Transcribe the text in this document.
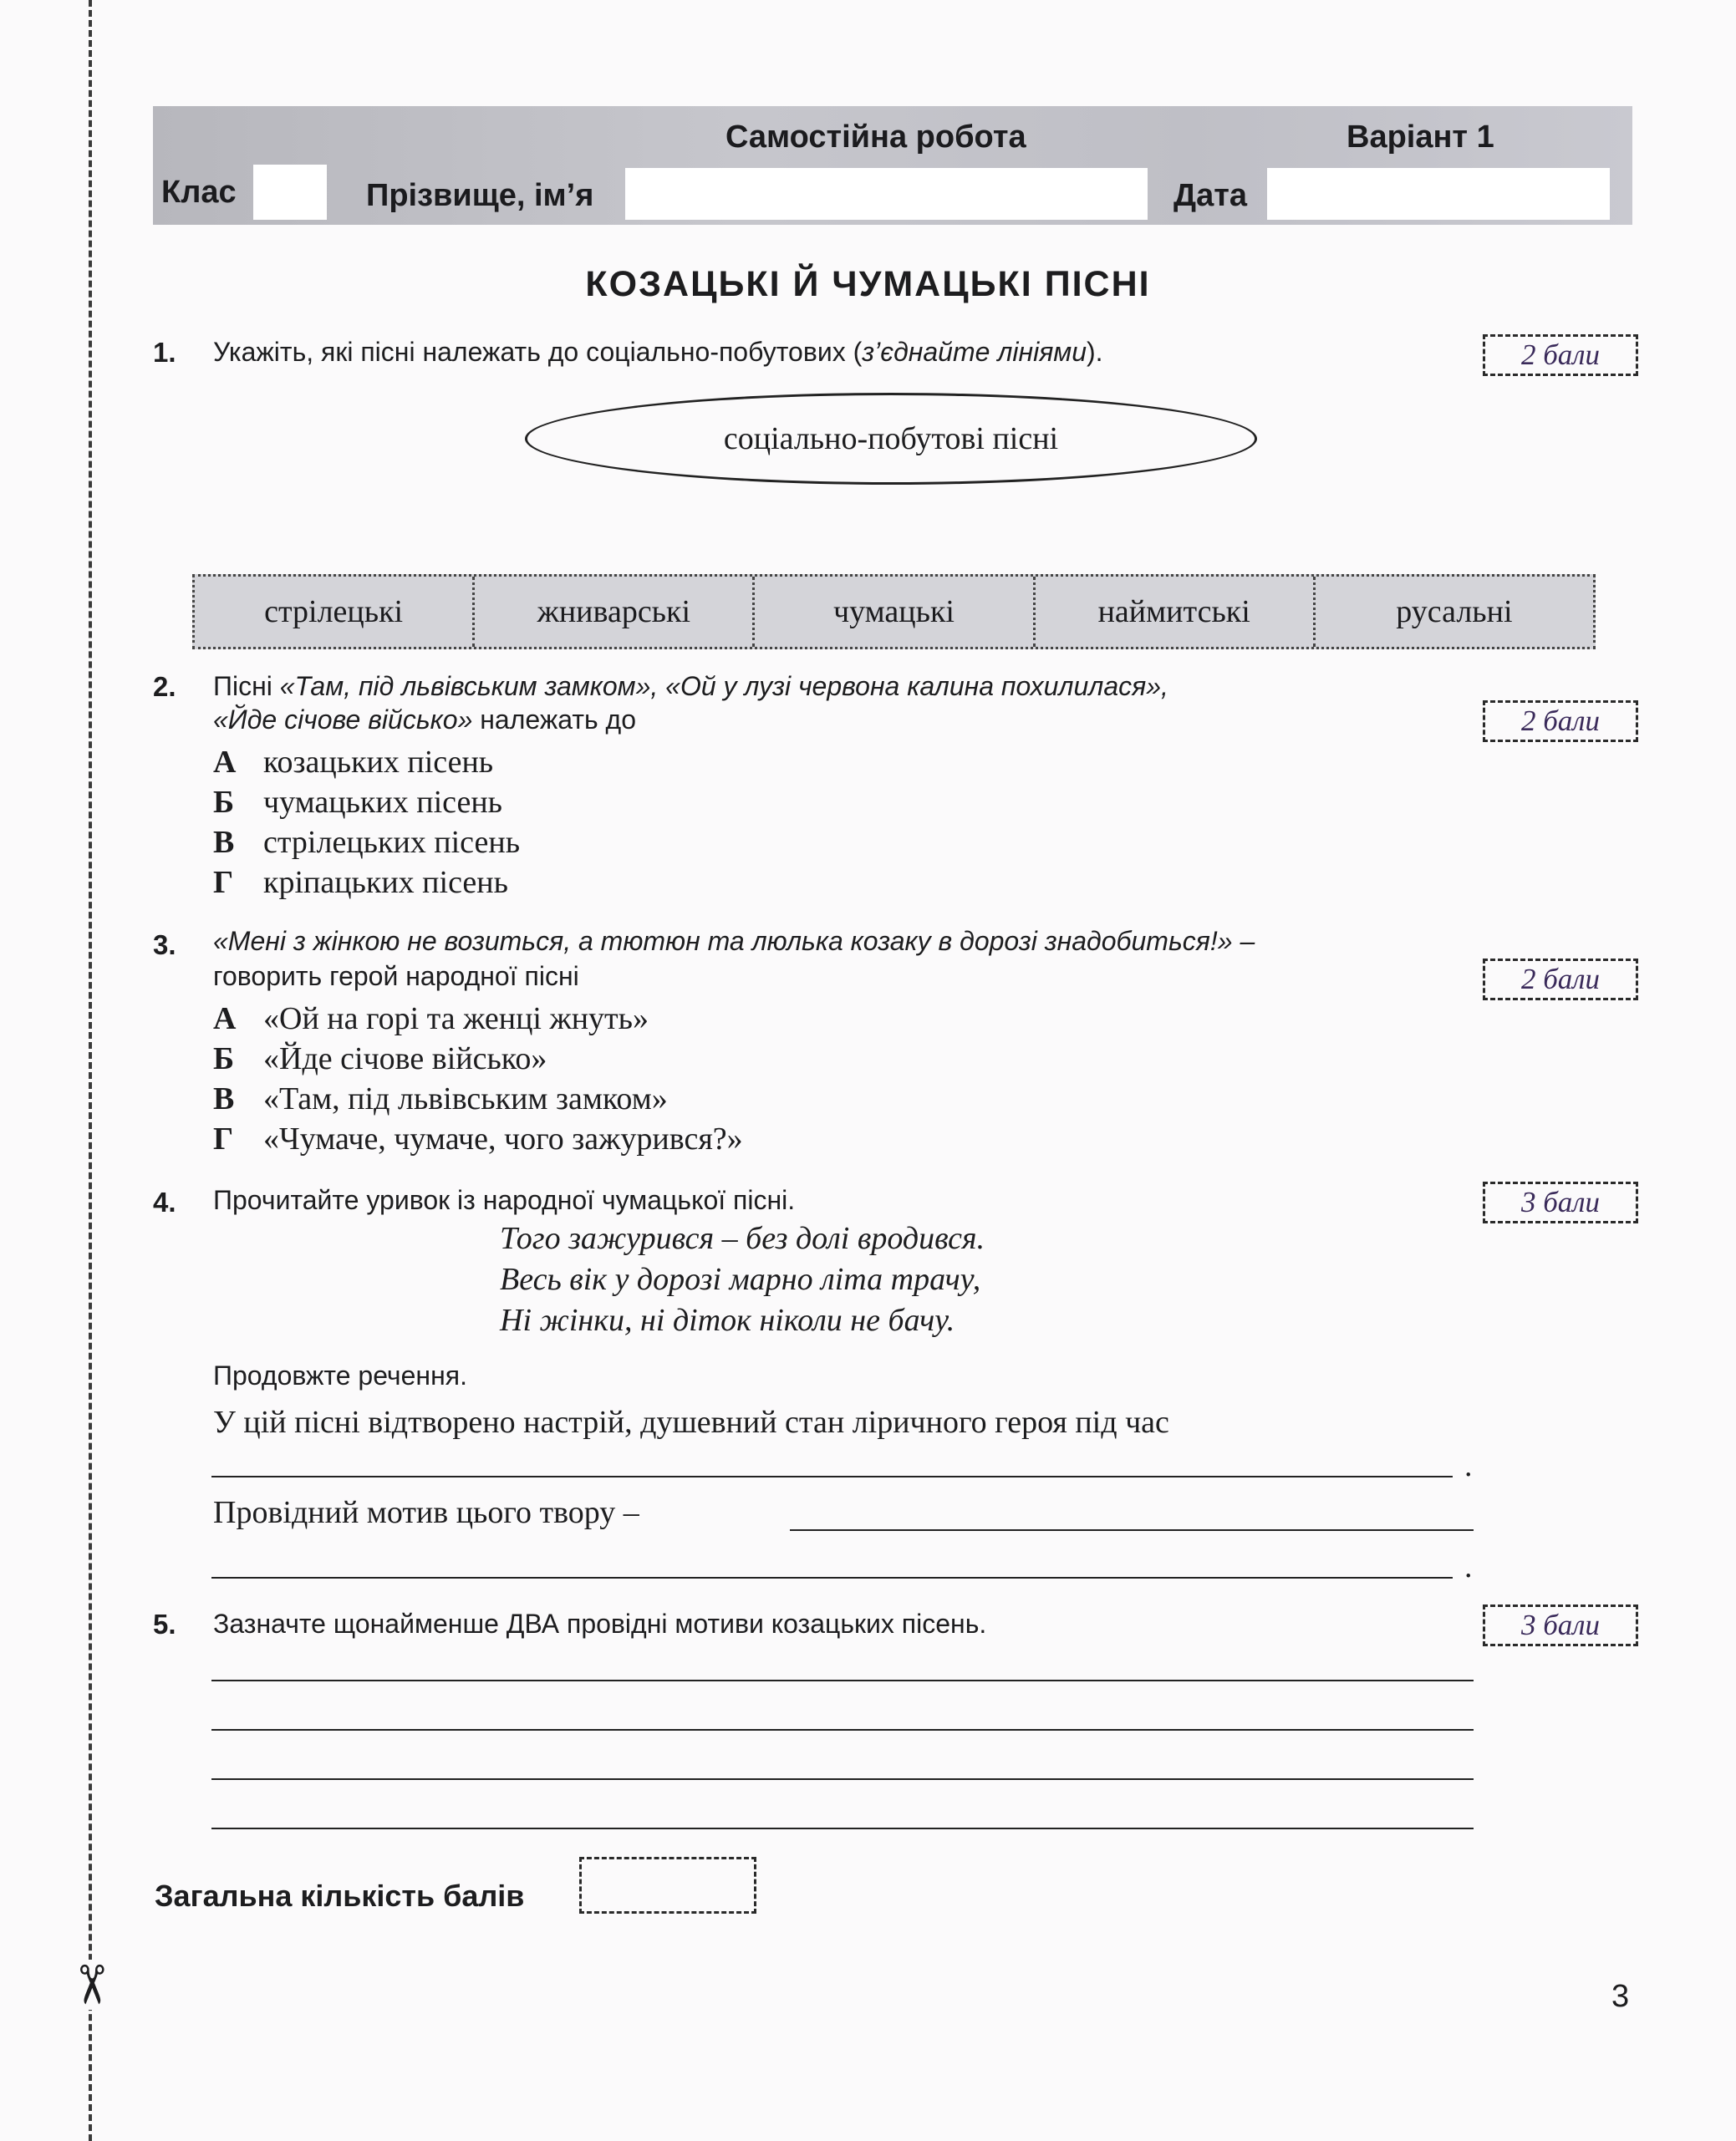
✂
Самостійна робота	Варіант 1
Клас	Прізвище, ім’я	Дата
КОЗАЦЬКІ Й ЧУМАЦЬКІ ПІСНІ
1. Укажіть, які пісні належать до соціально-побутових (з’єднайте лініями).	2 бали
соціально-побутові пісні
стрілецькі	жниварські	чумацькі	наймитські	русальні
2. Пісні «Там, під львівським замком», «Ой у лузі червона калина похилилася»,
«Йде січове військо» належать до	2 бали
А козацьких пісень
Б чумацьких пісень
В стрілецьких пісень
Г кріпацьких пісень
3. «Мені з жінкою не возиться, а тютюн та люлька козаку в дорозі знадобиться!» –
говорить герой народної пісні	2 бали
А «Ой на горі та женці жнуть»
Б «Йде січове військо»
В «Там, під львівським замком»
Г «Чумаче, чумаче, чого зажурився?»
4. Прочитайте уривок із народної чумацької пісні.	3 бали
Того зажурився – без долі вродився.
Весь вік у дорозі марно літа трачу,
Ні жінки, ні діток ніколи не бачу.
Продовжте речення.
У цій пісні відтворено настрій, душевний стан ліричного героя під час
.
Провідний мотив цього твору –
.
5. Зазначте щонайменше ДВА провідні мотиви козацьких пісень.	3 бали
Загальна кількість балів
3
